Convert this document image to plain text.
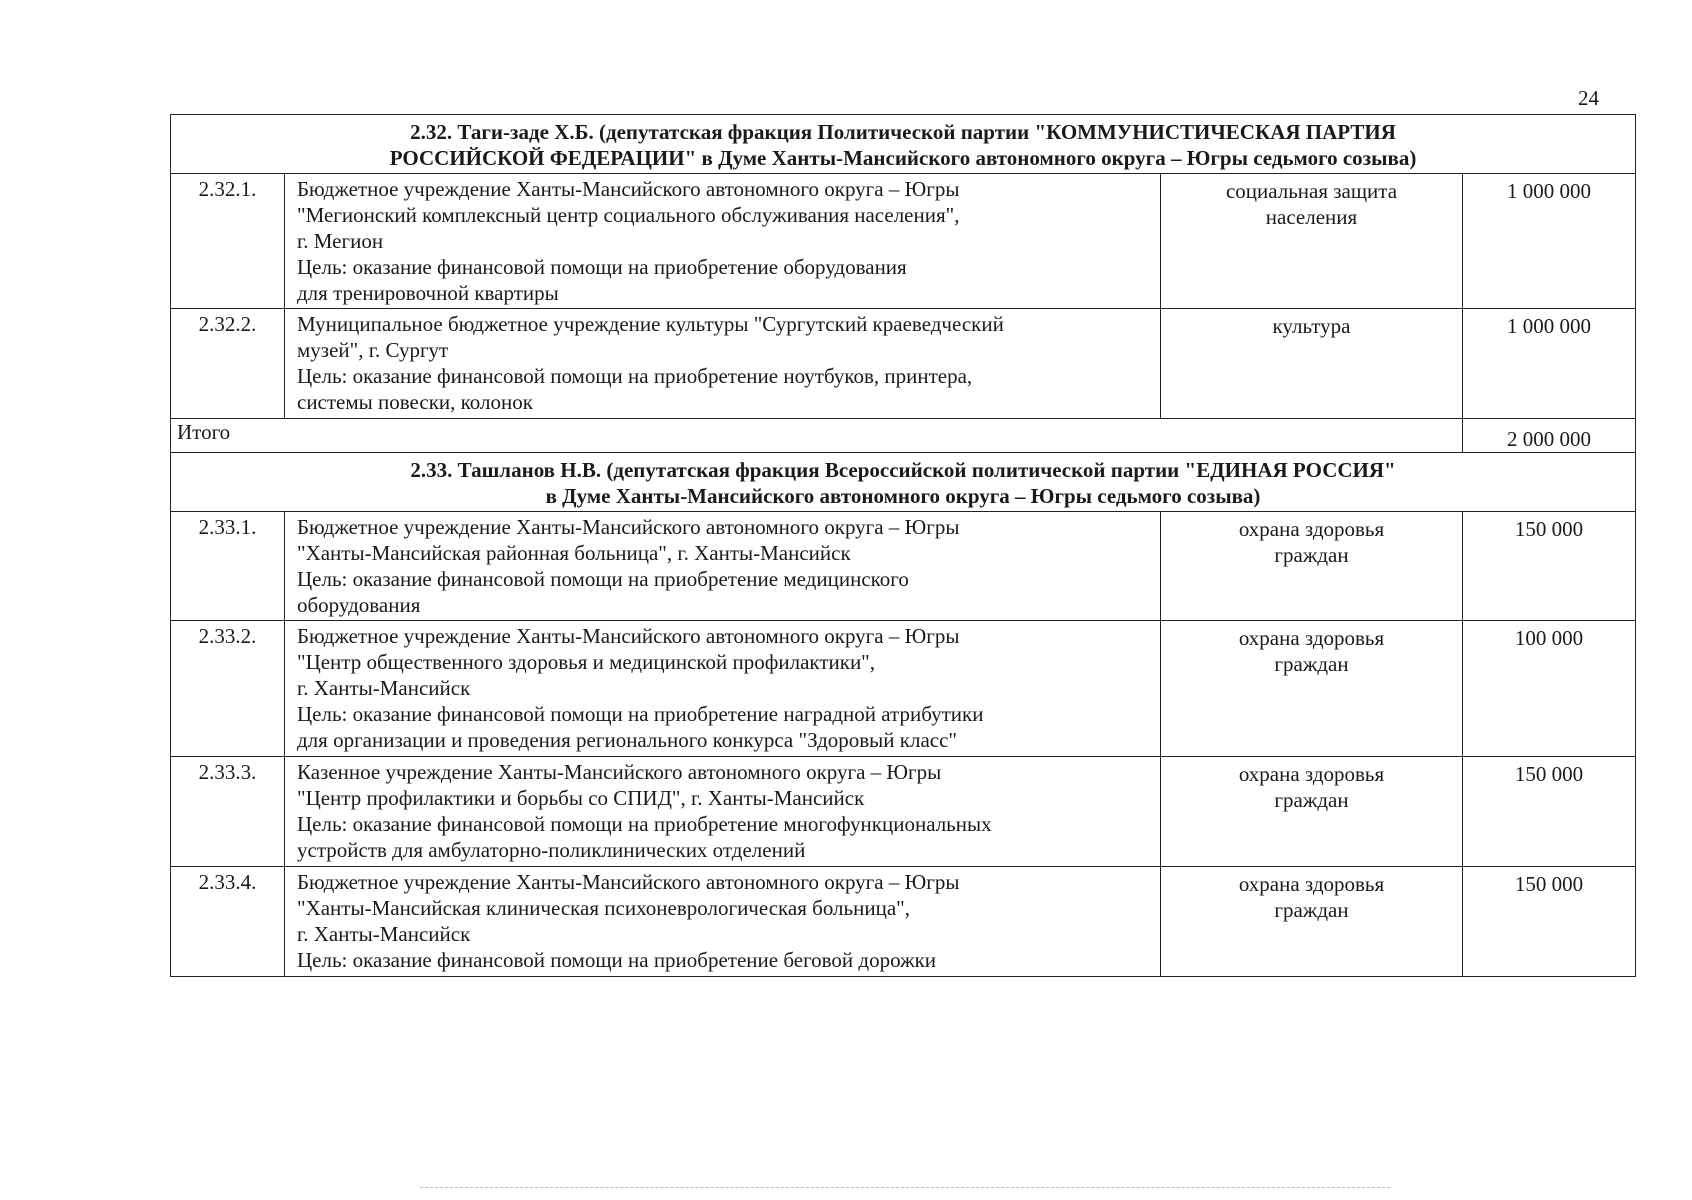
24
2.32. Таги-заде Х.Б. (депутатская фракция Политической партии "КОММУНИСТИЧЕСКАЯ ПАРТИЯ
РОССИЙСКОЙ ФЕДЕРАЦИИ" в Думе Ханты-Мансийского автономного округа – Югры седьмого созыва)			

2.32.1.	Бюджетное учреждение Ханты-Мансийского автономного округа – Югры
"Мегионский комплексный центр социального обслуживания населения",
г. Мегион
Цель: оказание финансовой помощи на приобретение оборудования
для тренировочной квартиры	социальная защита
населения	1 000 000
2.32.2.	Муниципальное бюджетное учреждение культуры "Сургутский краеведческий
музей", г. Сургут
Цель: оказание финансовой помощи на приобретение ноутбуков, принтера,
системы повески, колонок	культура	1 000 000
Итого			2 000 000

2.33. Ташланов Н.В. (депутатская фракция Всероссийской политической партии "ЕДИНАЯ РОССИЯ"
в Думе Ханты-Мансийского автономного округа – Югры седьмого созыва)			

2.33.1.	Бюджетное учреждение Ханты-Мансийского автономного округа – Югры
"Ханты-Мансийская районная больница", г. Ханты-Мансийск
Цель: оказание финансовой помощи на приобретение медицинского
оборудования	охрана здоровья
граждан	150 000
2.33.2.	Бюджетное учреждение Ханты-Мансийского автономного округа – Югры
"Центр общественного здоровья и медицинской профилактики",
г. Ханты-Мансийск
Цель: оказание финансовой помощи на приобретение наградной атрибутики
для организации и проведения регионального конкурса "Здоровый класс"	охрана здоровья
граждан	100 000
2.33.3.	Казенное учреждение Ханты-Мансийского автономного округа – Югры
"Центр профилактики и борьбы со СПИД", г. Ханты-Мансийск
Цель: оказание финансовой помощи на приобретение многофункциональных
устройств для амбулаторно-поликлинических отделений	охрана здоровья
граждан	150 000
2.33.4.	Бюджетное учреждение Ханты-Мансийского автономного округа – Югры
"Ханты-Мансийская клиническая психоневрологическая больница",
г. Ханты-Мансийск
Цель: оказание финансовой помощи на приобретение беговой дорожки	охрана здоровья
граждан	150 000
